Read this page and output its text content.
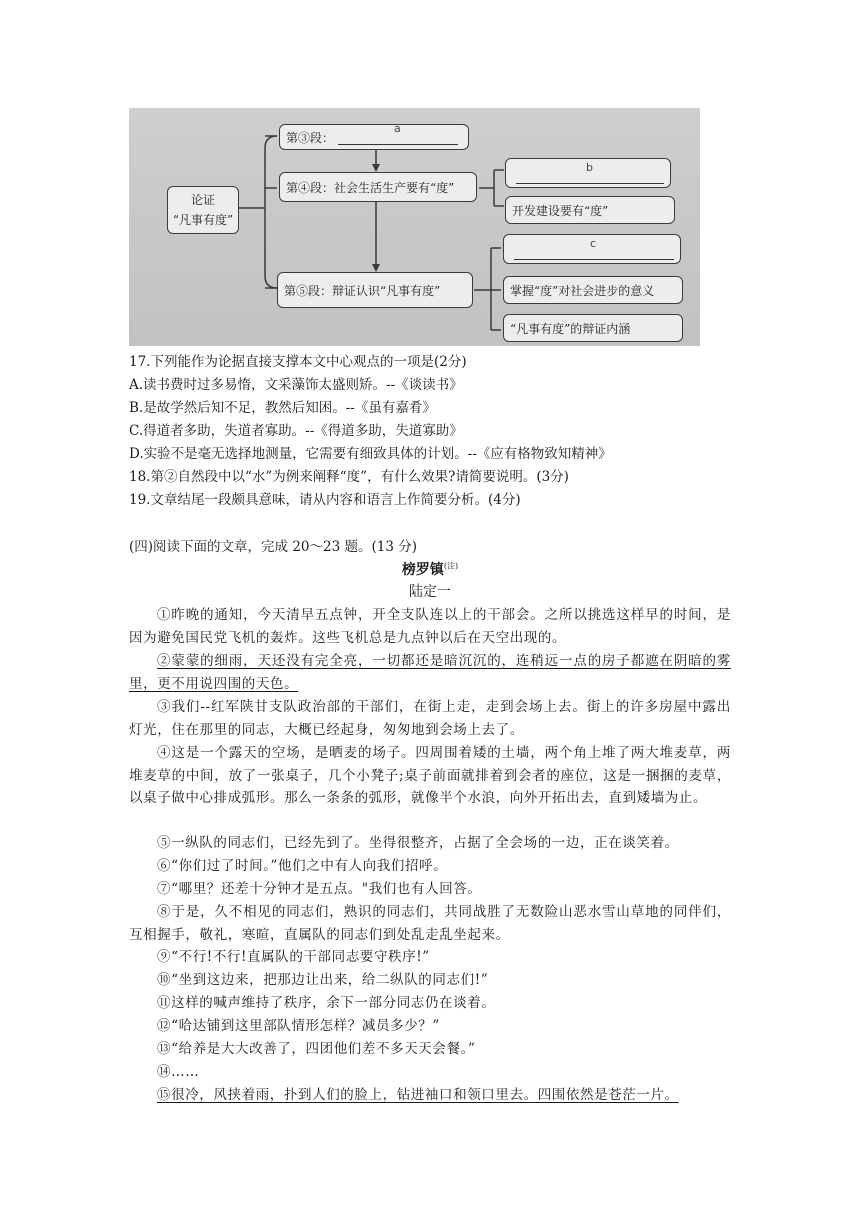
论证
“凡事有度”
第③段：
a
第④段：社会生活生产要有“度”
第⑤段：辩证认识“凡事有度”
b
开发建设要有“度”
c
掌握“度”对社会进步的意义
“凡事有度”的辩证内涵
17.下列能作为论据直接支撑本文中心观点的一项是(2分)
A.读书费时过多易惰，文采藻饰太盛则矫。--《谈读书》
B.是故学然后知不足，教然后知困。--《虽有嘉肴》
C.得道者多助，失道者寡助。--《得道多助，失道寡助》
D.实验不是毫无选择地测量，它需要有细致具体的计划。--《应有格物致知精神》
18.第②自然段中以“水”为例来阐释“度”，有什么效果?请简要说明。(3分)
19.文章结尾一段颇具意味，请从内容和语言上作简要分析。(4分)
(四)阅读下面的文章，完成 20～23 题。(13 分)
榜罗镇$^{(注)}$
陆定一
①昨晚的通知，今天清早五点钟，开全支队连以上的干部会。之所以挑选这样早的时间，是因为避免国民党飞机的轰炸。这些飞机总是九点钟以后在天空出现的。
②蒙蒙的细雨，天还没有完全亮，一切都还是暗沉沉的，连稍远一点的房子都遮在阴暗的雾里，更不用说四围的天色。
③我们--红军陕甘支队政治部的干部们，在街上走，走到会场上去。街上的许多房屋中露出灯光，住在那里的同志，大概已经起身，匆匆地到会场上去了。
④这是一个露天的空场，是晒麦的场子。四周围着矮的土墙，两个角上堆了两大堆麦草，两堆麦草的中间，放了一张桌子，几个小凳子;桌子前面就排着到会者的座位，这是一捆捆的麦草，以桌子做中心排成弧形。那么一条条的弧形，就像半个水浪，向外开拓出去，直到矮墙为止。
⑤一纵队的同志们，已经先到了。坐得很整齐，占据了全会场的一边，正在谈笑着。
⑥“你们过了时间。”他们之中有人向我们招呼。
⑦“哪里？还差十分钟才是五点。"我们也有人回答。
⑧于是，久不相见的同志们，熟识的同志们，共同战胜了无数险山恶水雪山草地的同伴们，互相握手，敬礼，寒暄，直属队的同志们到处乱走乱坐起来。
⑨“不行!不行!直属队的干部同志要守秩序!”
⑩“坐到这边来，把那边让出来，给二纵队的同志们!”
⑪这样的喊声维持了秩序，余下一部分同志仍在谈着。
⑫“哈达铺到这里部队情形怎样？减员多少？”
⑬“给养是大大改善了，四团他们差不多天天会餐。”
⑭……
⑮很冷，风挟着雨，扑到人们的脸上，钻进袖口和领口里去。四围依然是苍茫一片。
